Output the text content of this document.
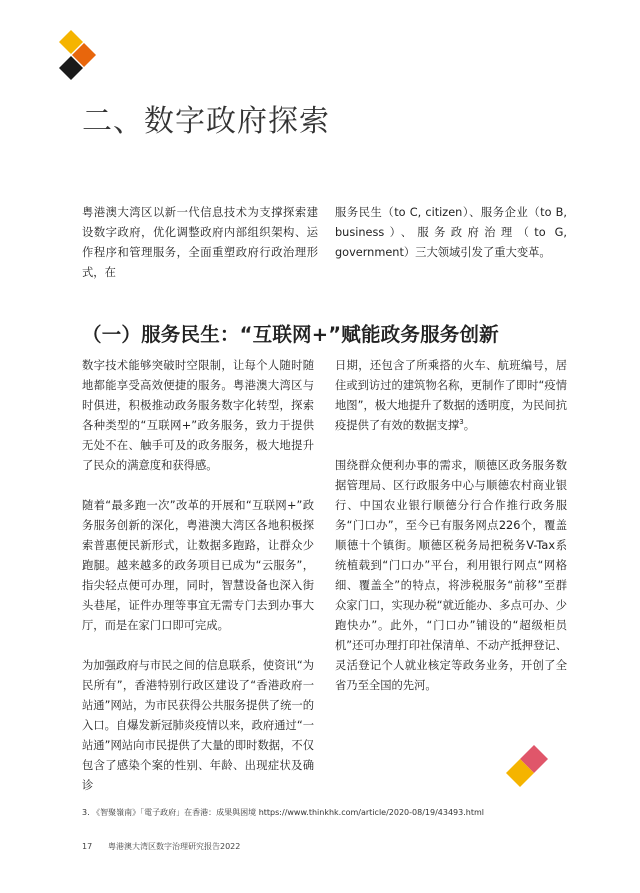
二、数字政府探索

粤港澳大湾区以新一代信息技术为支撑探索建设数字政府，优化调整政府内部组织架构、运作程序和管理服务，全面重塑政府行政治理形式，在

服务民生（to C, citizen）、服务企业（to B, business）、服务政府治理（to G, government）三大领域引发了重大变革。

（一）服务民生：“互联网+”赋能政务服务创新

数字技术能够突破时空限制，让每个人随时随地都能享受高效便捷的服务。粤港澳大湾区与时俱进，积极推动政务服务数字化转型，探索各种类型的“互联网+”政务服务，致力于提供无处不在、触手可及的政务服务，极大地提升了民众的满意度和获得感。

随着“最多跑一次”改革的开展和“互联网+”政务服务创新的深化，粤港澳大湾区各地积极探索普惠便民新形式，让数据多跑路，让群众少跑腿。越来越多的政务项目已成为“云服务”，指尖轻点便可办理，同时，智慧设备也深入街头巷尾，证件办理等事宜无需专门去到办事大厅，而是在家门口即可完成。

为加强政府与市民之间的信息联系，使资讯“为民所有”，香港特别行政区建设了“香港政府一站通”网站，为市民获得公共服务提供了统一的入口。自爆发新冠肺炎疫情以来，政府通过“一站通”网站向市民提供了大量的即时数据，不仅包含了感染个案的性别、年龄、出现症状及确诊

日期，还包含了所乘搭的火车、航班编号，居住或到访过的建筑物名称，更制作了即时“疫情地图”，极大地提升了数据的透明度，为民间抗疫提供了有效的数据支撑$^3$。

围绕群众便利办事的需求，顺德区政务服务数据管理局、区行政服务中心与顺德农村商业银行、中国农业银行顺德分行合作推行政务服务“门口办”，至今已有服务网点226个，覆盖顺德十个镇街。顺德区税务局把税务V-Tax系统植载到“门口办”平台，利用银行网点“网格细、覆盖全”的特点，将涉税服务“前移”至群众家门口，实现办税“就近能办、多点可办、少跑快办”。此外，“门口办”铺设的“超级柜员机”还可办理打印社保清单、不动产抵押登记、灵活登记个人就业核定等政务业务，开创了全省乃至全国的先河。

3. 《智聚嶺南》「電子政府」在香港：成果與困境 https://www.thinkhk.com/article/2020-08/19/43493.html
17 粤港澳大湾区数字治理研究报告2022
